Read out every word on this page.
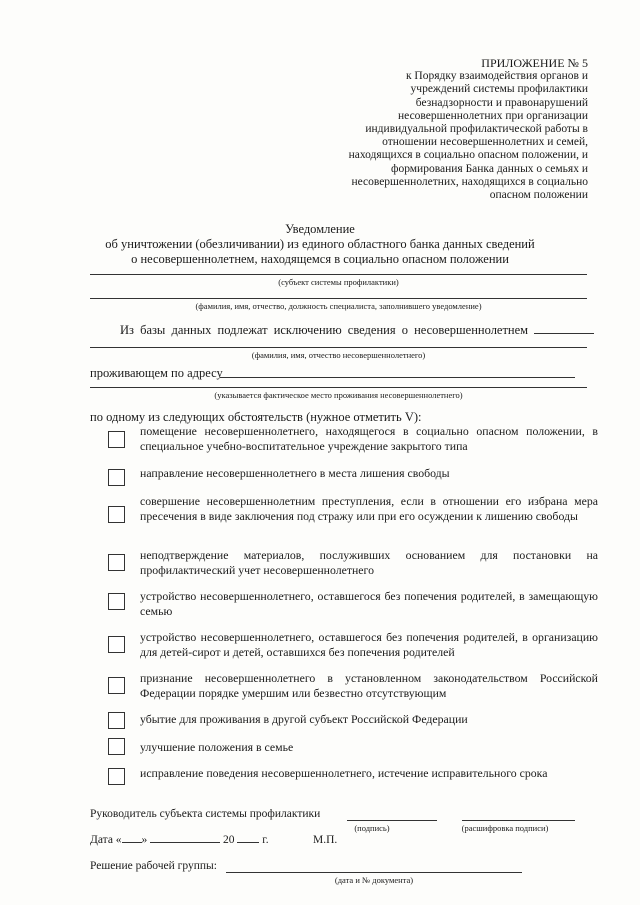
ПРИЛОЖЕНИЕ № 5
к Порядку взаимодействия органов и
учреждений системы профилактики
безнадзорности и правонарушений
несовершеннолетних при организации
индивидуальной профилактической работы в
отношении несовершеннолетних и семей,
находящихся в социально опасном положении, и
формирования Банка данных о семьях и
несовершеннолетних, находящихся в социально
опасном положении
Уведомление
об уничтожении (обезличивании) из единого областного банка данных сведений
о несовершеннолетнем, находящемся в социально опасном положении
(субъект системы профилактики)
(фамилия, имя, отчество, должность специалиста, заполнившего уведомление)
Из базы данных подлежат исключению сведения о несовершеннолетнем
(фамилия, имя, отчество несовершеннолетнего)
проживающем по адресу
(указывается фактическое место проживания несовершеннолетнего)
по одному из следующих обстоятельств (нужное отметить V):
помещение несовершеннолетнего, находящегося в социально опасном положении, в специальное учебно-воспитательное учреждение закрытого типа
направление несовершеннолетнего в места лишения свободы
совершение несовершеннолетним преступления, если в отношении его избрана мера пресечения в виде заключения под стражу или при его осуждении к лишению свободы
неподтверждение материалов, послуживших основанием для постановки на профилактический учет несовершеннолетнего
устройство несовершеннолетнего, оставшегося без попечения родителей, в замещающую семью
устройство несовершеннолетнего, оставшегося без попечения родителей, в организацию для детей-сирот и детей, оставшихся без попечения родителей
признание несовершеннолетнего в установленном законодательством Российской Федерации порядке умершим или безвестно отсутствующим
убытие для проживания в другой субъект Российской Федерации
улучшение положения в семье
исправление поведения несовершеннолетнего, истечение исправительного срока
Руководитель субъекта системы профилактики
(подпись)	(расшифровка подписи)
Дата « »	20 г.	М.П.
Решение рабочей группы:
(дата и № документа)
